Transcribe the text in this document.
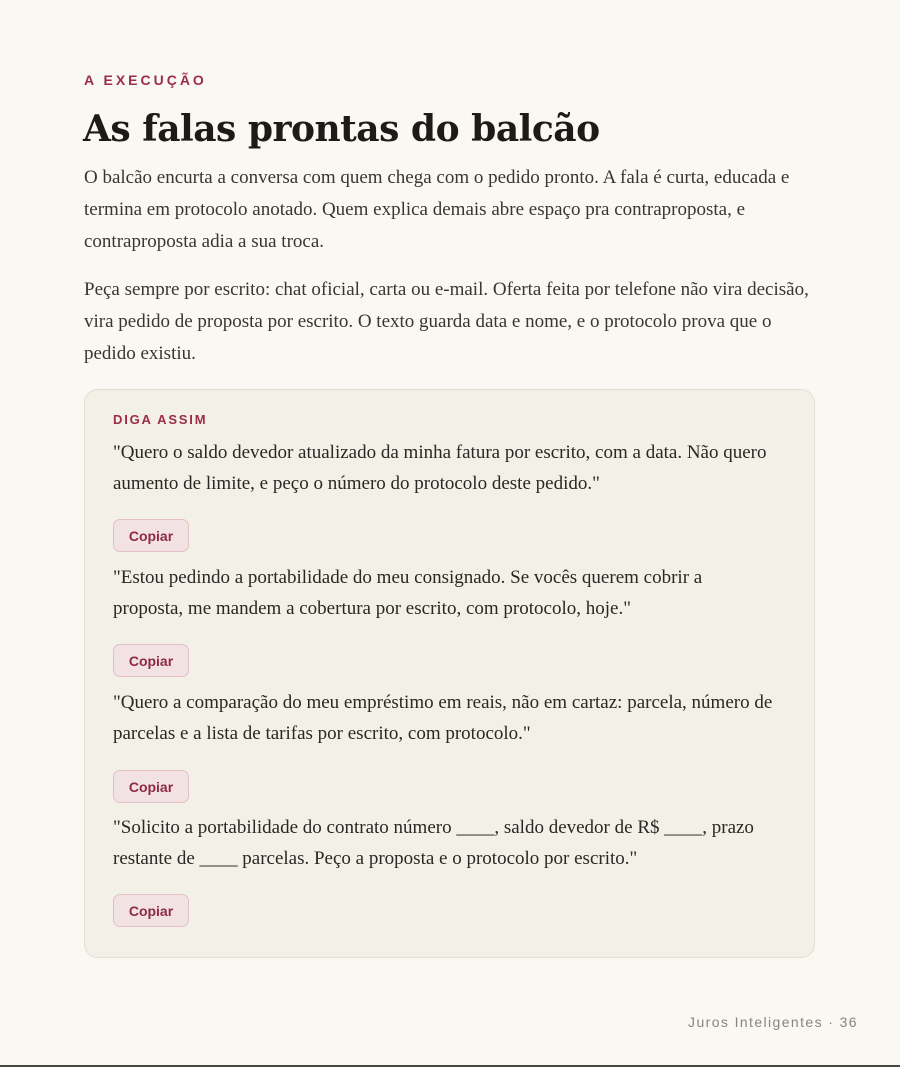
A EXECUÇÃO
As falas prontas do balcão

O balcão encurta a conversa com quem chega com o pedido pronto. A fala é curta, educada e termina em protocolo anotado. Quem explica demais abre espaço pra contraproposta, e contraproposta adia a sua troca.

Peça sempre por escrito: chat oficial, carta ou e-mail. Oferta feita por telefone não vira decisão, vira pedido de proposta por escrito. O texto guarda data e nome, e o protocolo prova que o pedido existiu.

DIGA ASSIM

"Quero o saldo devedor atualizado da minha fatura por escrito, com a data. Não quero aumento de limite, e peço o número do protocolo deste pedido."

Copiar

"Estou pedindo a portabilidade do meu consignado. Se vocês querem cobrir a proposta, me mandem a cobertura por escrito, com protocolo, hoje."

Copiar

"Quero a comparação do meu empréstimo em reais, não em cartaz: parcela, número de parcelas e a lista de tarifas por escrito, com protocolo."

Copiar

"Solicito a portabilidade do contrato número ____, saldo devedor de R$ ____, prazo restante de ____ parcelas. Peço a proposta e o protocolo por escrito."

Copiar
Juros Inteligentes · 36
